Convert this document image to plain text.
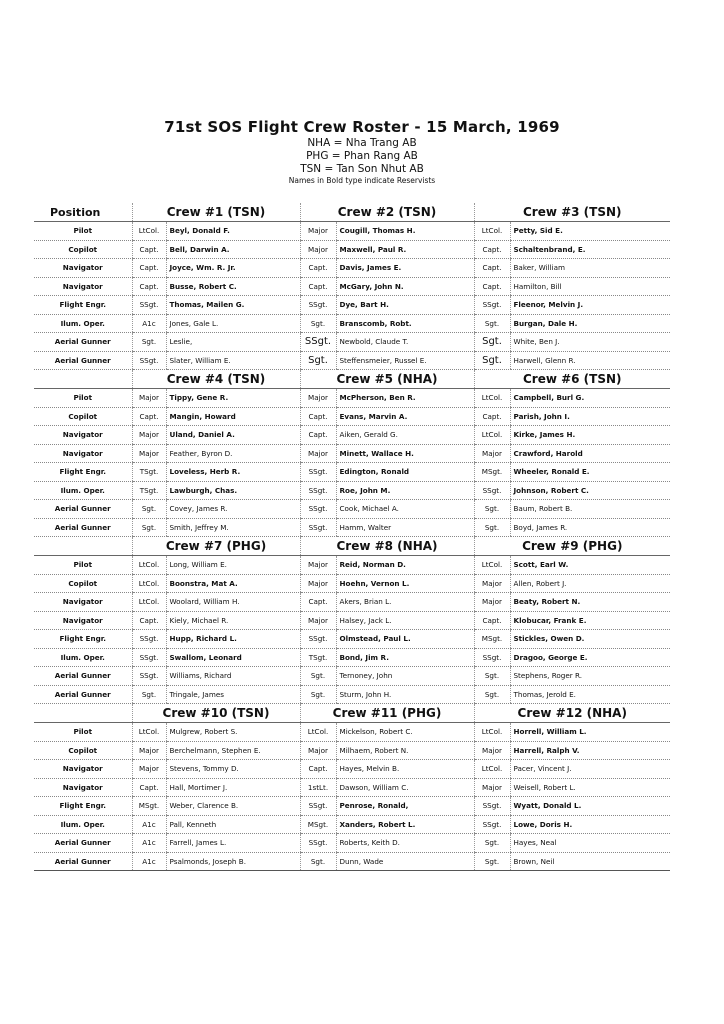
71st SOS Flight Crew Roster - 15 March, 1969
NHA = Nha Trang AB
PHG = Phan Rang AB
TSN = Tan Son Nhut AB
Names in Bold type indicate Reservists
Position	Crew #1 (TSN)		Crew #2 (TSN)		Crew #3 (TSN)	
Pilot	LtCol.	Beyl, Donald F.	Major	Cougill, Thomas H.	LtCol.	Petty, Sid E.
Copilot	Capt.	Bell, Darwin A.	Major	Maxwell, Paul R.	Capt.	Schaltenbrand, E.
Navigator	Capt.	Joyce, Wm. R. Jr.	Capt.	Davis, James E.	Capt.	Baker, William
Navigator	Capt.	Busse, Robert C.	Capt.	McGary, John N.	Capt.	Hamilton, Bill
Flight Engr.	SSgt.	Thomas, Mailen G.	SSgt.	Dye, Bart H.	SSgt.	Fleenor, Melvin J.
Ilum. Oper.	A1c	Jones, Gale L.	Sgt.	Branscomb, Robt.	Sgt.	Burgan, Dale H.
Aerial Gunner	Sgt.	Leslie,	SSgt.	Newbold, Claude T.	Sgt.	White, Ben J.
Aerial Gunner	SSgt.	Slater, William E.	Sgt.	Steffensmeier, Russel E.	Sgt.	Harwell, Glenn R.
	Crew #4 (TSN)		Crew #5 (NHA)		Crew #6 (TSN)	
Pilot	Major	Tippy, Gene R.	Major	McPherson, Ben R.	LtCol.	Campbell, Burl G.
Copilot	Capt.	Mangin, Howard	Capt.	Evans, Marvin A.	Capt.	Parish, John I.
Navigator	Major	Uland, Daniel A.	Capt.	Aiken, Gerald G.	LtCol.	Kirke, James H.
Navigator	Major	Feather, Byron D.	Major	Minett, Wallace H.	Major	Crawford, Harold
Flight Engr.	TSgt.	Loveless, Herb R.	SSgt.	Edington, Ronald	MSgt.	Wheeler, Ronald E.
Ilum. Oper.	TSgt.	Lawburgh, Chas.	SSgt.	Roe, John M.	SSgt.	Johnson, Robert C.
Aerial Gunner	Sgt.	Covey, James R.	SSgt.	Cook, Michael A.	Sgt.	Baum, Robert B.
Aerial Gunner	Sgt.	Smith, Jeffrey M.	SSgt.	Hamm, Walter	Sgt.	Boyd, James R.
	Crew #7 (PHG)		Crew #8 (NHA)		Crew #9 (PHG)	
Pilot	LtCol.	Long, William E.	Major	Reid, Norman D.	LtCol.	Scott, Earl W.
Copilot	LtCol.	Boonstra, Mat A.	Major	Hoehn, Vernon L.	Major	Allen, Robert J.
Navigator	LtCol.	Woolard, William H.	Capt.	Akers, Brian L.	Major	Beaty, Robert N.
Navigator	Capt.	Kiely, Michael R.	Major	Halsey, Jack L.	Capt.	Klobucar, Frank E.
Flight Engr.	SSgt.	Hupp, Richard L.	SSgt.	Olmstead, Paul L.	MSgt.	Stickles, Owen D.
Ilum. Oper.	SSgt.	Swallom, Leonard	TSgt.	Bond, Jim R.	SSgt.	Dragoo, George E.
Aerial Gunner	SSgt.	Williams, Richard	Sgt.	Ternoney, John	Sgt.	Stephens, Roger R.
Aerial Gunner	Sgt.	Tringale, James	Sgt.	Sturm, John H.	Sgt.	Thomas, Jerold E.
	Crew #10 (TSN)		Crew #11 (PHG)		Crew #12 (NHA)	
Pilot	LtCol.	Mulgrew, Robert S.	LtCol.	Mickelson, Robert C.	LtCol.	Horrell, William L.
Copilot	Major	Berchelmann, Stephen E.	Major	Milhaem, Robert N.	Major	Harrell, Ralph V.
Navigator	Major	Stevens, Tommy D.	Capt.	Hayes, Melvin B.	LtCol.	Pacer, Vincent J.
Navigator	Capt.	Hall, Mortimer J.	1stLt.	Dawson, William C.	Major	Weisell, Robert L.
Flight Engr.	MSgt.	Weber, Clarence B.	SSgt.	Penrose, Ronald,	SSgt.	Wyatt, Donald L.
Ilum. Oper.	A1c	Pall, Kenneth	MSgt.	Xanders, Robert L.	SSgt.	Lowe, Doris H.
Aerial Gunner	A1c	Farrell, James L.	SSgt.	Roberts, Keith D.	Sgt.	Hayes, Neal
Aerial Gunner	A1c	Psalmonds, Joseph B.	Sgt.	Dunn, Wade	Sgt.	Brown, Neil
